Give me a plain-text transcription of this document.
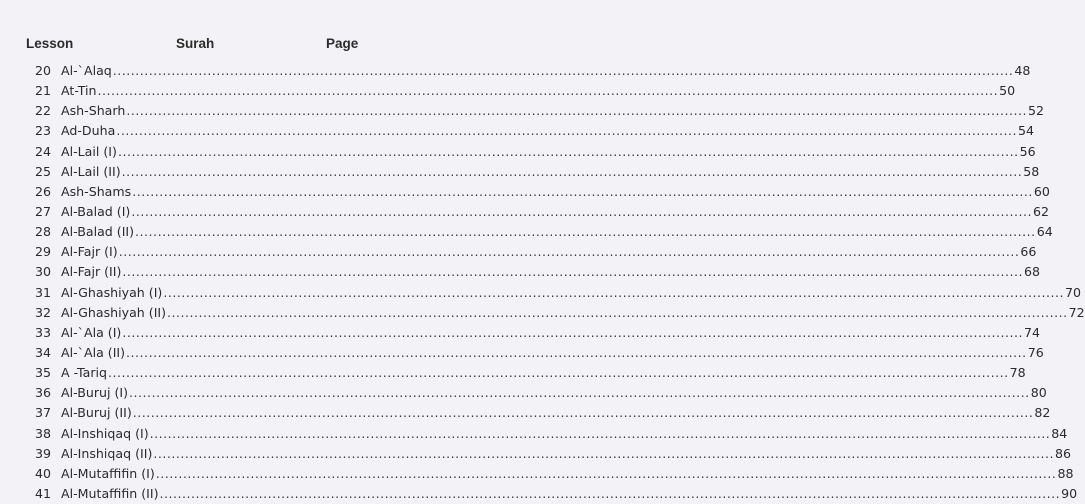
Lesson	Surah	Page
20 Al-`Alaq ........................................................................................................................................................................................................ 48
21 At-Tin ........................................................................................................................................................................................................ 50
22 Ash-Sharh ........................................................................................................................................................................................................ 52
23 Ad-Duha ........................................................................................................................................................................................................ 54
24 Al-Lail (I) ........................................................................................................................................................................................................ 56
25 Al-Lail (II) ........................................................................................................................................................................................................ 58
26 Ash-Shams ........................................................................................................................................................................................................ 60
27 Al-Balad (I) ........................................................................................................................................................................................................ 62
28 Al-Balad (II) ........................................................................................................................................................................................................ 64
29 Al-Fajr (I) ........................................................................................................................................................................................................ 66
30 Al-Fajr (II) ........................................................................................................................................................................................................ 68
31 Al-Ghashiyah (I) ........................................................................................................................................................................................................ 70
32 Al-Ghashiyah (II) ........................................................................................................................................................................................................ 72
33 Al-`Ala (I) ........................................................................................................................................................................................................ 74
34 Al-`Ala (II) ........................................................................................................................................................................................................ 76
35 A -Tariq ........................................................................................................................................................................................................ 78
36 Al-Buruj (I) ........................................................................................................................................................................................................ 80
37 Al-Buruj (II) ........................................................................................................................................................................................................ 82
38 Al-Inshiqaq (I) ........................................................................................................................................................................................................ 84
39 Al-Inshiqaq (II) ........................................................................................................................................................................................................ 86
40 Al-Mutaffifin (I) ........................................................................................................................................................................................................ 88
41 Al-Mutaffifin (II) ........................................................................................................................................................................................................ 90
